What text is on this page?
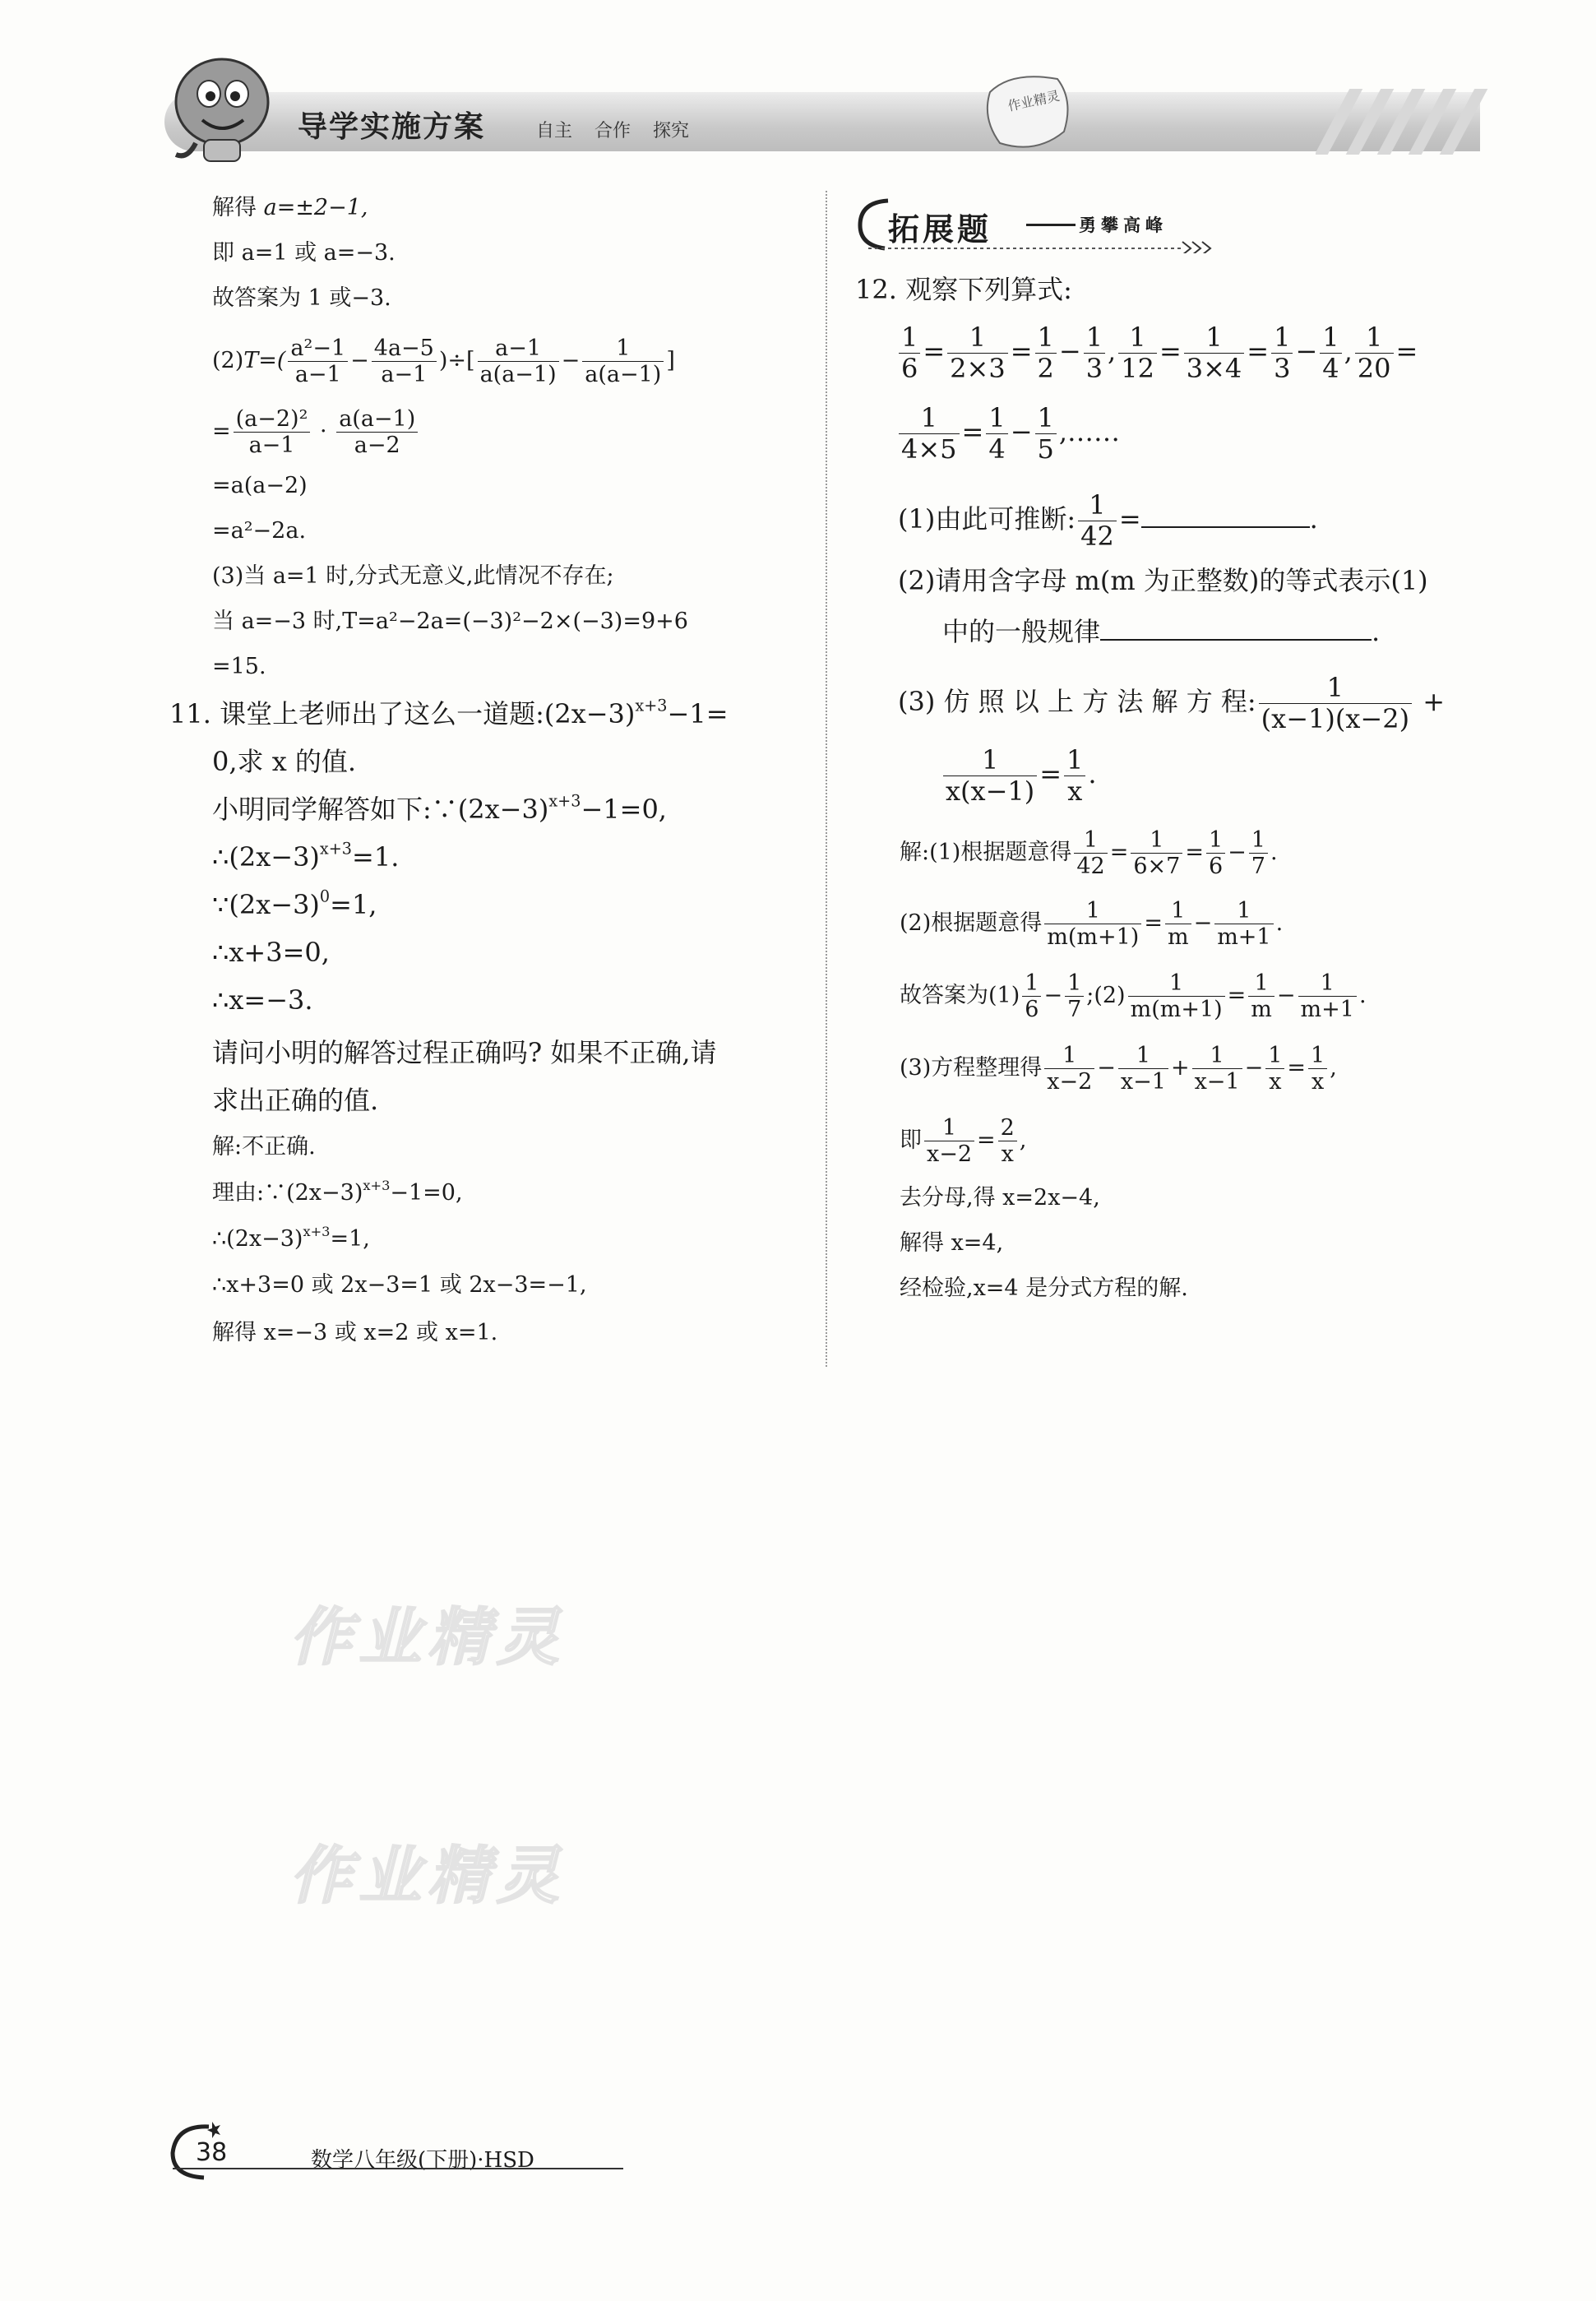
导学实施方案	自主 合作 探究
作业精灵
解得 a=±2−1,
即 a=1 或 a=−3.
故答案为 1 或−3.
$(2)T=( \frac{\text{a²−1}}{a-1} - \frac{4a-5}{a-1}$ )÷[ $\frac{a-1}{a(a-1)} - \frac{1}{a(a-1)}$ ]
= $\frac{\text{(a−2)²}}{a-1} \cdot \frac{a(a-1)}{a-2}$
=a(a−2)
=a²−2a.
(3)当 a=1 时,分式无意义,此情况不存在;
当 a=−3 时,T=a²−2a=(−3)²−2×(−3)=9+6
=15.
11. 课堂上老师出了这么一道题$:(2x-3)^{x+3}-1=$
0,求 x 的值.
小明同学解答如下$:\because(2x-3)^{x+3}-1=0$,
$\therefore(2x-3)^{x+3}=1$.
$\because(2x-3)^0=1$,
∴x+3=0,
∴x=−3.
请问小明的解答过程正确吗? 如果不正确,请
求出正确的值.
解:不正确.
理由$:\because(2x-3)^{x+3}-1=0$,
$\therefore(2x-3)^{x+3}=1$,
∴x+3=0 或 2x−3=1 或 2x−3=−1,
解得 x=−3 或 x=2 或 x=1.
拓展题	勇攀高峰
12. 观察下列算式:
$\frac{1}{6} = \frac{1}{2\times 3} = \frac{1}{2} - \frac{1}{3}$ , $\frac{1}{12} = \frac{1}{3\times 4} = \frac{1}{3} - \frac{1}{4}$ , $\frac{1}{20}$ =
$\frac{1}{4\times 5} = \frac{1}{4} - \frac{1}{5}$ ,……
(1)由此可推断: $\frac{1}{42}$ =	.
(2)请用含字母 m(m 为正整数)的等式表示(1)
中的一般规律	.
(3) 仿 照 以 上 方 法 解 方 程: $\frac{1}{(x-1)(x-2)}$ +
$\frac{1}{x(x-1)} = \frac{1}{x}$ .
解:(1)根据题意得 $\frac{1}{42} = \frac{1}{6\times 7} = \frac{1}{6} - \frac{1}{7}$ .
(2)根据题意得 $\frac{1}{m(m+1)} = \frac{1}{m} - \frac{1}{m+1}$ .
故答案为$(1) \frac{1}{6} - \frac{1}{7}$ ;(2) $\frac{1}{m(m+1)} = \frac{1}{m} - \frac{1}{m+1}$ .
(3)方程整理得 $\frac{1}{x-2} - \frac{1}{x-1} + \frac{1}{x-1} - \frac{1}{x} = \frac{1}{x}$ ,
即 $\frac{1}{x-2} = \frac{2}{x}$ ,
去分母,得 x=2x−4,
解得 x=4,
经检验,x=4 是分式方程的解.
作业精灵
作业精灵
38	数学八年级(下册)·HSD
